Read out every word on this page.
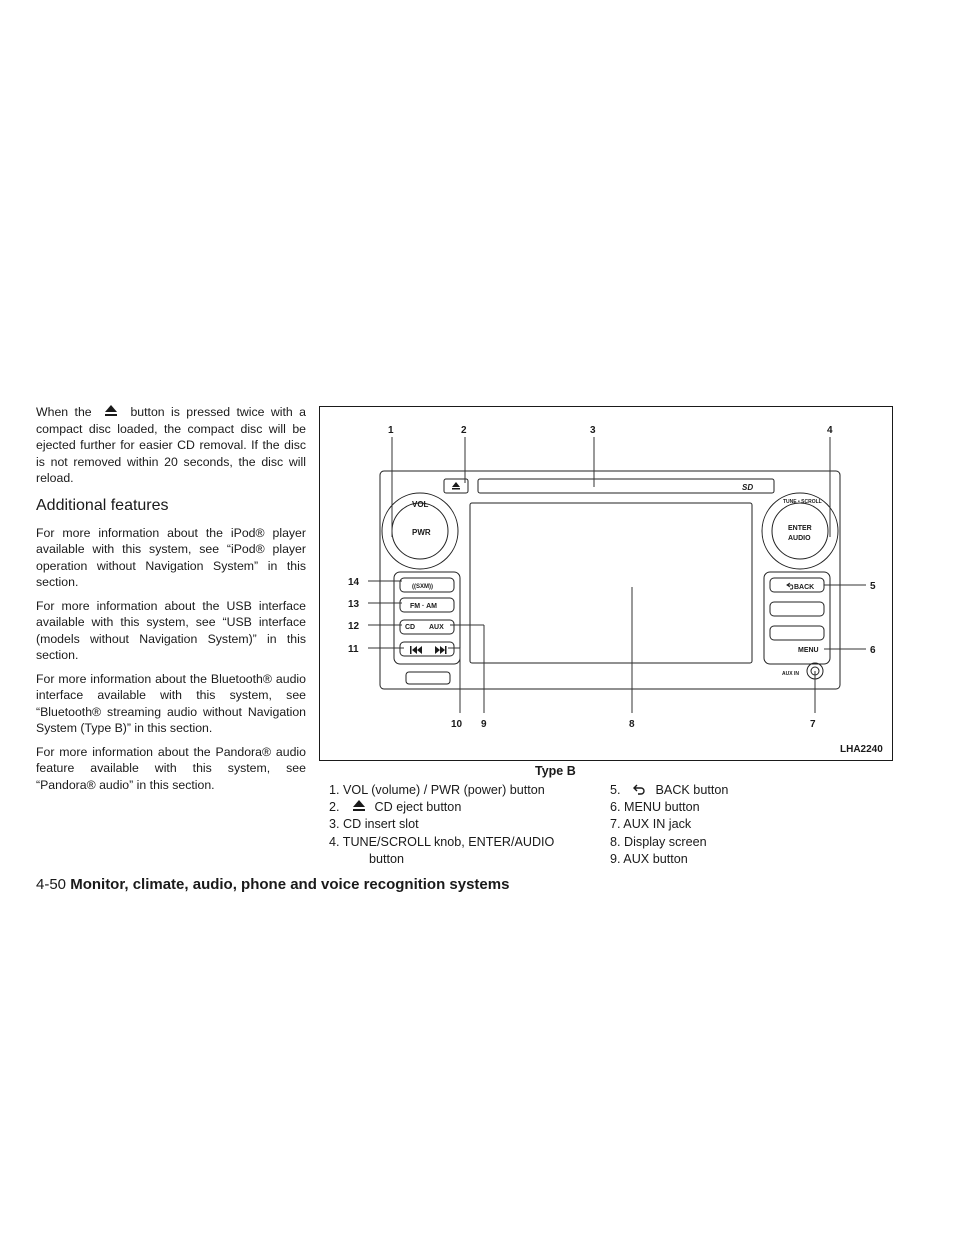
When the	button is pressed twice with a compact disc loaded, the compact disc will be ejected further for easier CD removal. If the disc is not removed within 20 seconds, the disc will reload.

Additional features

For more information about the iPod® player available with this system, see “iPod® player operation without Navigation System” in this section.

For more information about the USB interface available with this system, see “USB interface (models without Navigation System)” in this section.

For more information about the Bluetooth® audio interface available with this system, see “Bluetooth® streaming audio without Navigation System (Type B)” in this section.

For more information about the Pandora® audio feature available with this system, see “Pandora® audio” in this section.

VOL
PWR
TUNE • SCROLL
ENTER
AUDIO
((SXM))
FM · AM
CD AUX
BACK
MENU
AUX IN
SD
1	2	3	4
5
6
7
8
9
10
11
12
13
14
LHA2240
Type B
1. VOL (volume) / PWR (power) button
2.	CD eject button
3. CD insert slot
4. TUNE/SCROLL knob, ENTER/AUDIO
button
5.	BACK button
6. MENU button
7. AUX IN jack
8. Display screen
9. AUX button
4-50 Monitor, climate, audio, phone and voice recognition systems
